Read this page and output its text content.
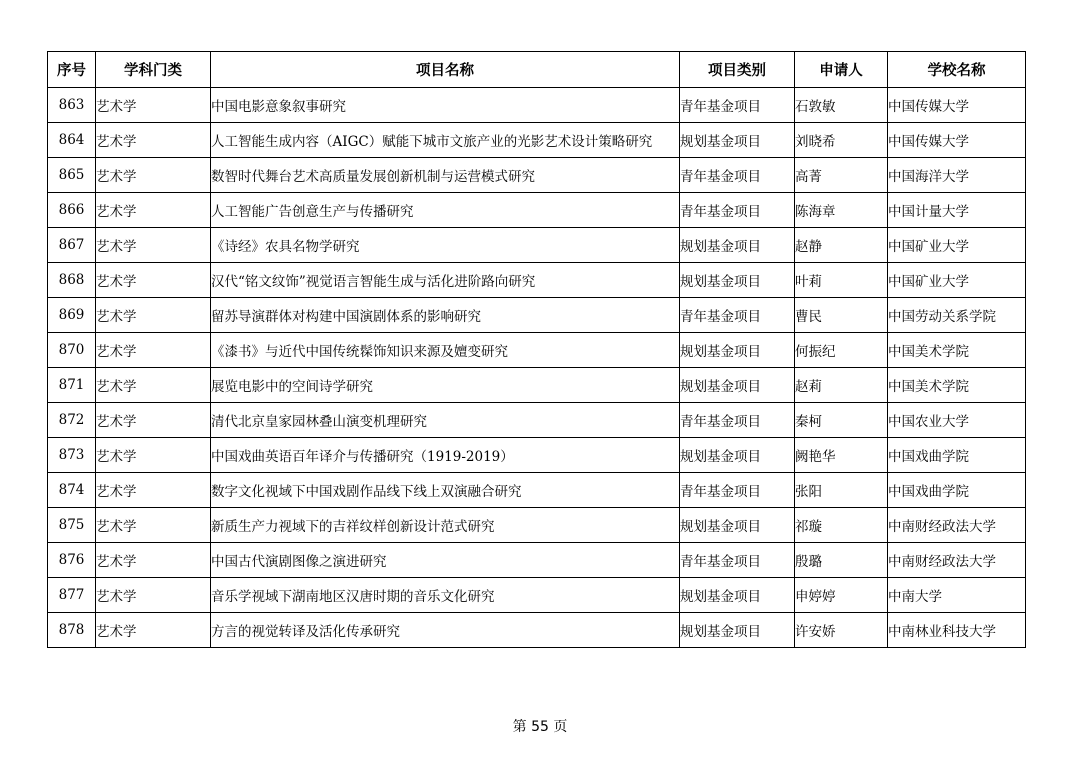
序号	学科门类	项目名称	项目类别	申请人	学校名称
863	艺术学	中国电影意象叙事研究	青年基金项目	石敦敏	中国传媒大学
864	艺术学	人工智能生成内容（AIGC）赋能下城市文旅产业的光影艺术设计策略研究	规划基金项目	刘晓希	中国传媒大学
865	艺术学	数智时代舞台艺术高质量发展创新机制与运营模式研究	青年基金项目	高菁	中国海洋大学
866	艺术学	人工智能广告创意生产与传播研究	青年基金项目	陈海章	中国计量大学
867	艺术学	《诗经》农具名物学研究	规划基金项目	赵静	中国矿业大学
868	艺术学	汉代“铭文纹饰”视觉语言智能生成与活化进阶路向研究	规划基金项目	叶莉	中国矿业大学
869	艺术学	留苏导演群体对构建中国演剧体系的影响研究	青年基金项目	曹民	中国劳动关系学院
870	艺术学	《漆书》与近代中国传统髹饰知识来源及嬗变研究	规划基金项目	何振纪	中国美术学院
871	艺术学	展览电影中的空间诗学研究	规划基金项目	赵莉	中国美术学院
872	艺术学	清代北京皇家园林叠山演变机理研究	青年基金项目	秦柯	中国农业大学
873	艺术学	中国戏曲英语百年译介与传播研究（1919-2019）	规划基金项目	阙艳华	中国戏曲学院
874	艺术学	数字文化视域下中国戏剧作品线下线上双演融合研究	青年基金项目	张阳	中国戏曲学院
875	艺术学	新质生产力视域下的吉祥纹样创新设计范式研究	规划基金项目	祁璇	中南财经政法大学
876	艺术学	中国古代演剧图像之演进研究	青年基金项目	殷璐	中南财经政法大学
877	艺术学	音乐学视域下湖南地区汉唐时期的音乐文化研究	规划基金项目	申婷婷	中南大学
878	艺术学	方言的视觉转译及活化传承研究	规划基金项目	许安娇	中南林业科技大学
第 55 页
